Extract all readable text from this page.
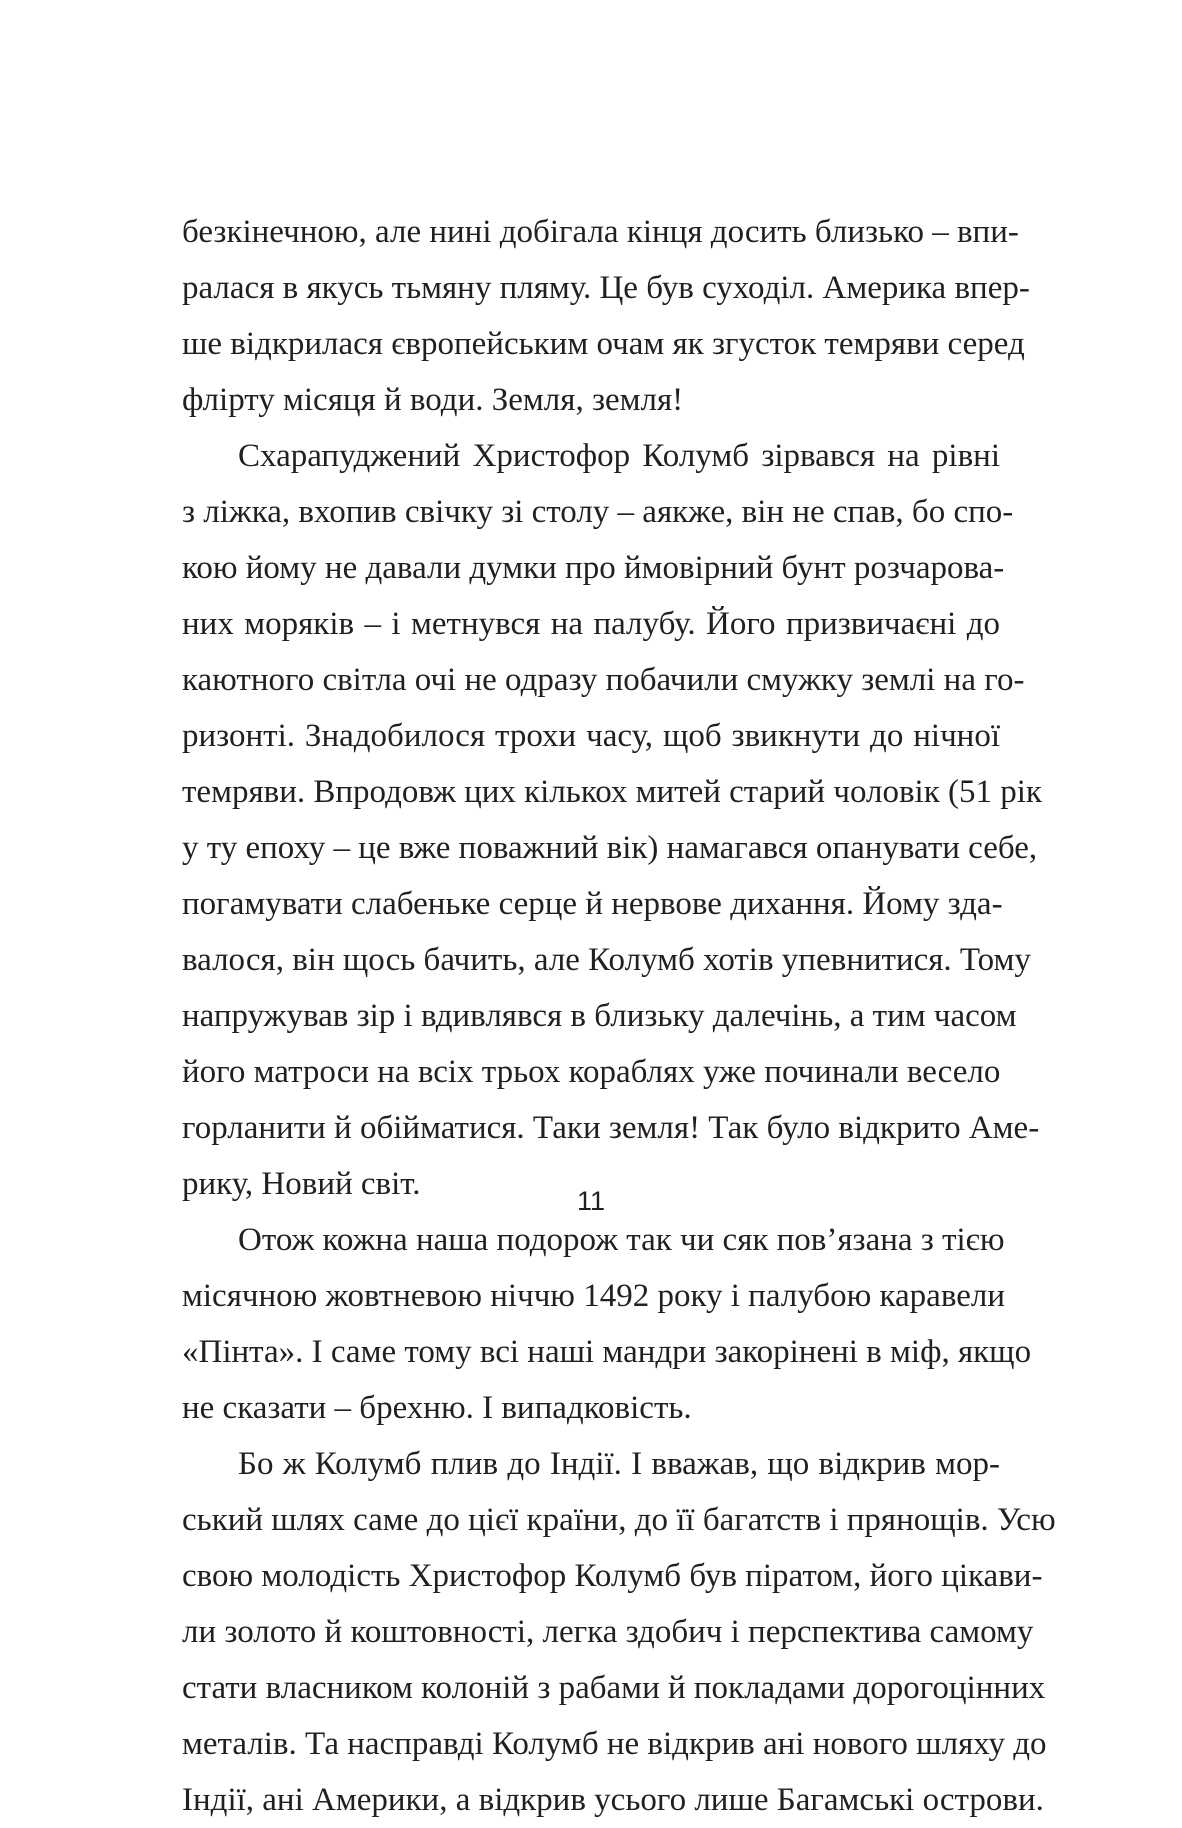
безкінечною, але нині добігала кінця досить близько – впи-
ралася в якусь тьмяну пляму. Це був суходіл. Америка впер-
ше відкрилася європейським очам як згусток темряви серед
флірту місяця й води. Земля, земля!
Схарапуджений Христофор Колумб зірвався на рівні
з ліжка, вхопив свічку зі столу – аякже, він не спав, бо спо-
кою йому не давали думки про ймовірний бунт розчарова-
них моряків – і метнувся на палубу. Його призвичаєні до
каютного світла очі не одразу побачили смужку землі на го-
ризонті. Знадобилося трохи часу, щоб звикнути до нічної
темряви. Впродовж цих кількох митей старий чоловік (51 рік
у ту епоху – це вже поважний вік) намагався опанувати себе,
погамувати слабеньке серце й нервове дихання. Йому зда-
валося, він щось бачить, але Колумб хотів упевнитися. Тому
напружував зір і вдивлявся в близьку далечінь, а тим часом
його матроси на всіх трьох кораблях уже починали весело
горланити й обійматися. Таки земля! Так було відкрито Аме-
рику, Новий світ.
Отож кожна наша подорож так чи сяк пов’язана з тією
місячною жовтневою ніччю 1492 року і палубою каравели
«Пінта». І саме тому всі наші мандри закорінені в міф, якщо
не сказати – брехню. І випадковість.
Бо ж Колумб плив до Індії. І вважав, що відкрив мор-
ський шлях саме до цієї країни, до її багатств і прянощів. Усю
свою молодість Христофор Колумб був піратом, його цікави-
ли золото й коштовності, легка здобич і перспектива самому
стати власником колоній з рабами й покладами дорогоцінних
металів. Та насправді Колумб не відкрив ані нового шляху до
Індії, ані Америки, а відкрив усього лише Багамські острови.
11
